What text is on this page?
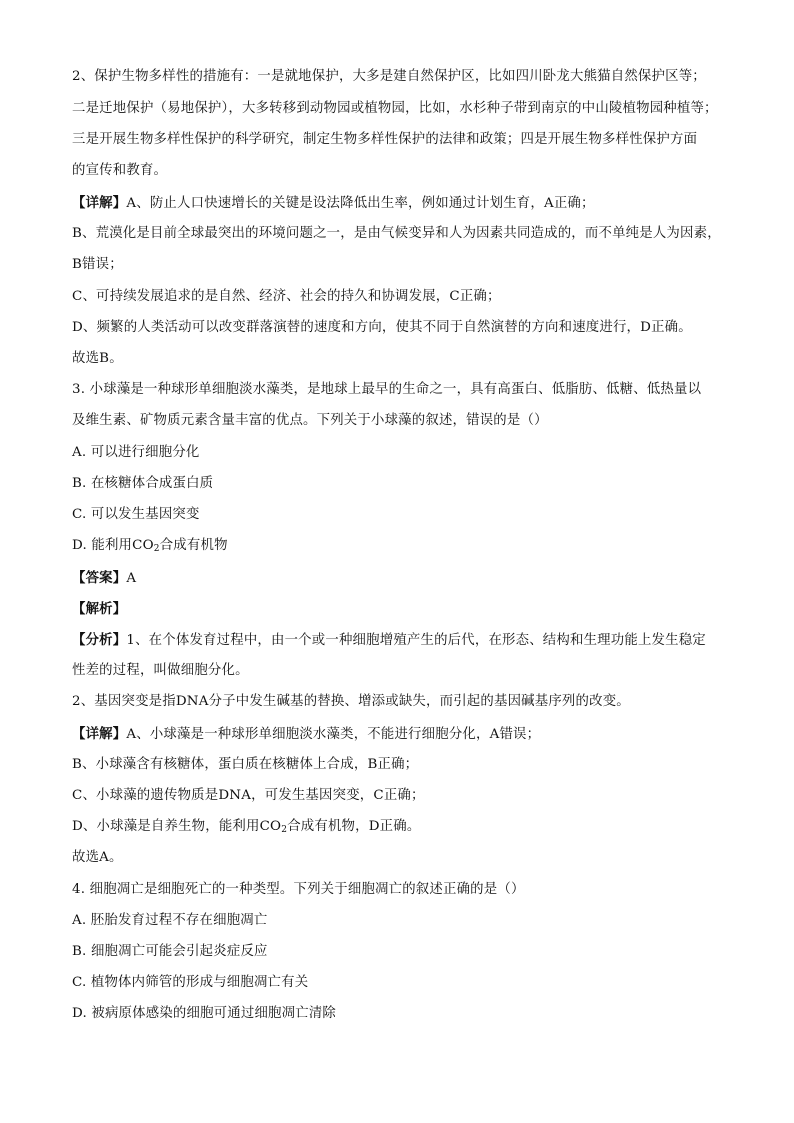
2、保护生物多样性的措施有：一是就地保护，大多是建自然保护区，比如四川卧龙大熊猫自然保护区等；
二是迁地保护（易地保护），大多转移到动物园或植物园，比如，水杉种子带到南京的中山陵植物园种植等；
三是开展生物多样性保护的科学研究，制定生物多样性保护的法律和政策；四是开展生物多样性保护方面
的宣传和教育。
【详解】A、防止人口快速增长的关键是设法降低出生率，例如通过计划生育，A正确；
B、荒漠化是目前全球最突出的环境问题之一，是由气候变异和人为因素共同造成的，而不单纯是人为因素，
B错误；
C、可持续发展追求的是自然、经济、社会的持久和协调发展，C正确；
D、频繁的人类活动可以改变群落演替的速度和方向，使其不同于自然演替的方向和速度进行，D正确。
故选B。
3. 小球藻是一种球形单细胞淡水藻类，是地球上最早的生命之一，具有高蛋白、低脂肪、低糖、低热量以
及维生素、矿物质元素含量丰富的优点。下列关于小球藻的叙述，错误的是（）
A. 可以进行细胞分化
B. 在核糖体合成蛋白质
C. 可以发生基因突变
D. 能利用$CO_2$合成有机物
【答案】A
【解析】
【分析】1、在个体发育过程中，由一个或一种细胞增殖产生的后代，在形态、结构和生理功能上发生稳定
性差的过程，叫做细胞分化。
2、基因突变是指DNA分子中发生碱基的替换、增添或缺失，而引起的基因碱基序列的改变。
【详解】A、小球藻是一种球形单细胞淡水藻类，不能进行细胞分化，A错误；
B、小球藻含有核糖体，蛋白质在核糖体上合成，B正确；
C、小球藻的遗传物质是DNA，可发生基因突变，C正确；
D、小球藻是自养生物，能利用$CO_2$合成有机物，D正确。
故选A。
4. 细胞凋亡是细胞死亡的一种类型。下列关于细胞凋亡的叙述正确的是（）
A. 胚胎发育过程不存在细胞凋亡
B. 细胞凋亡可能会引起炎症反应
C. 植物体内筛管的形成与细胞凋亡有关
D. 被病原体感染的细胞可通过细胞凋亡清除
